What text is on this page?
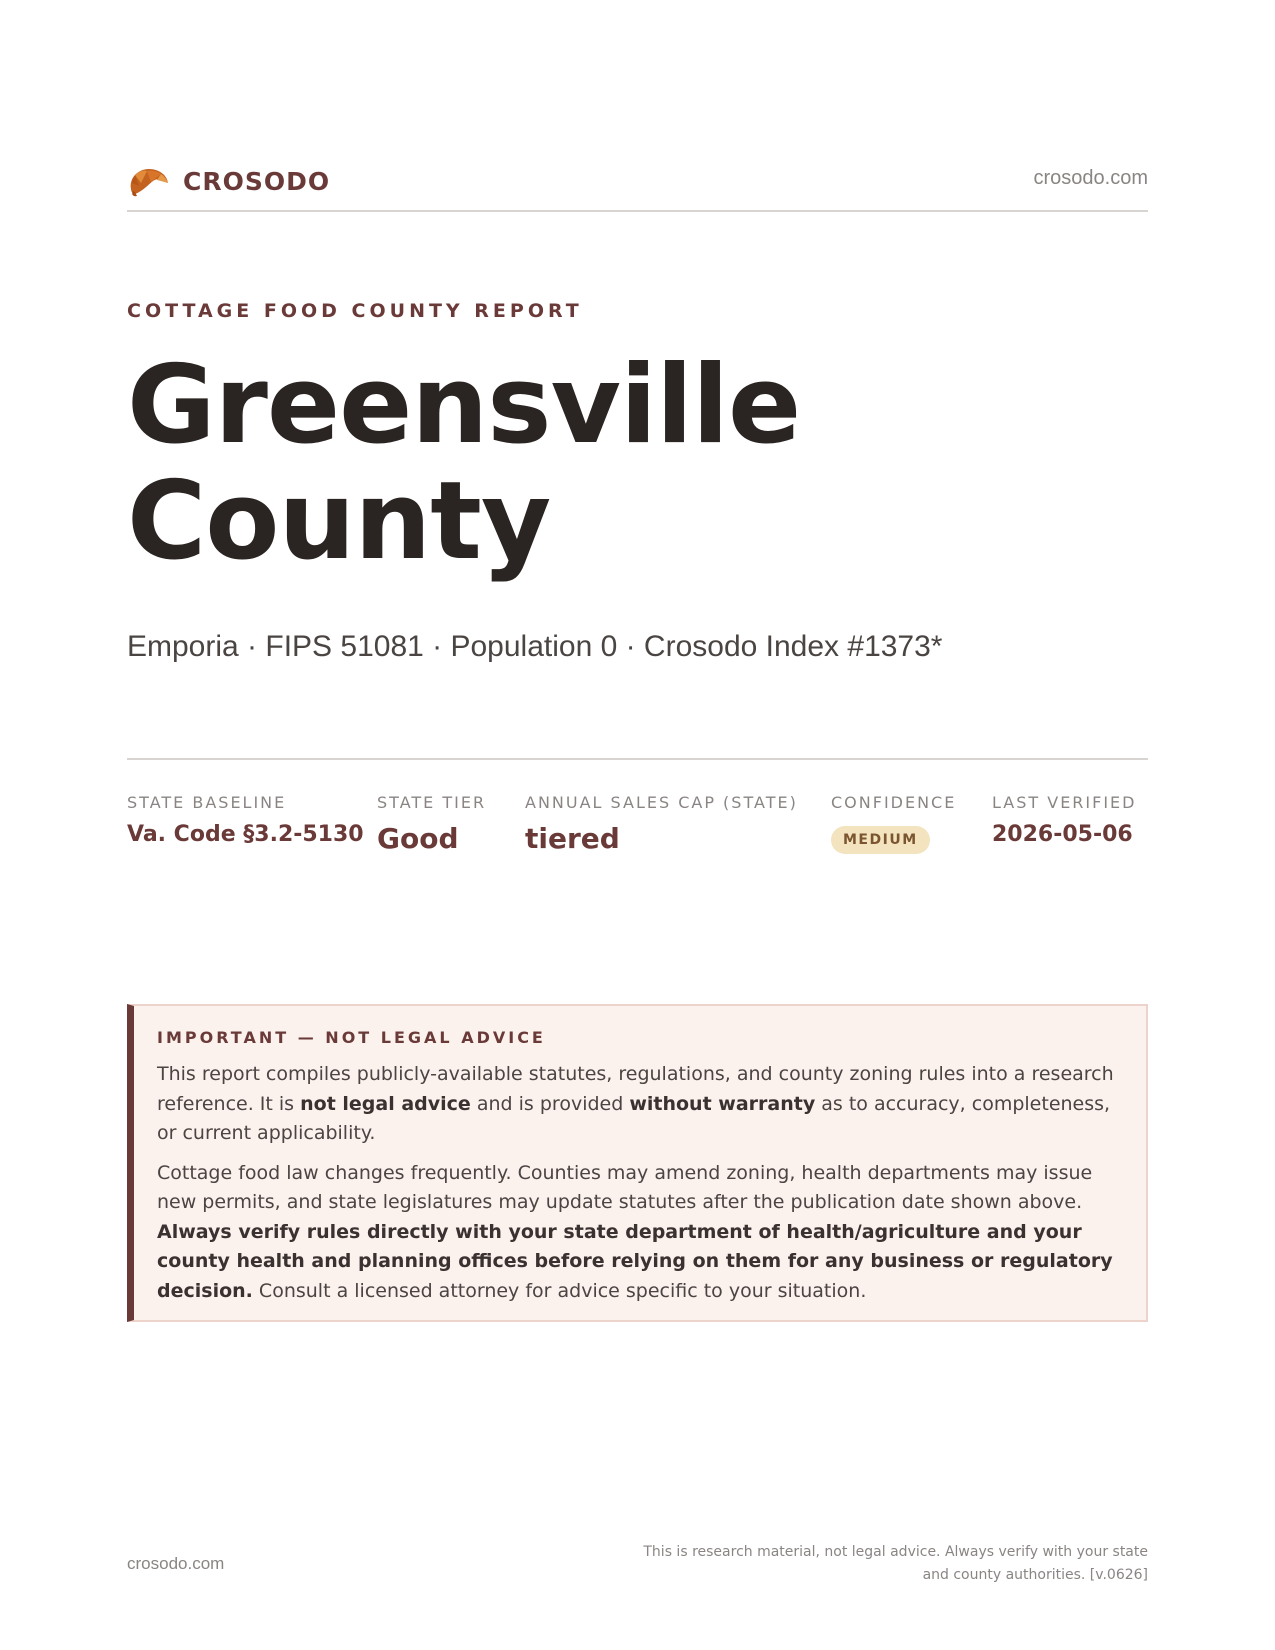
CROSODO	crosodo.com
COTTAGE FOOD COUNTY REPORT
Greensville
County
Emporia · FIPS 51081 · Population 0 · Crosodo Index #1373*
STATE BASELINE
Va. Code §3.2-5130
STATE TIER
Good
ANNUAL SALES CAP (STATE)
tiered
CONFIDENCE
MEDIUM
LAST VERIFIED
2026-05-06
IMPORTANT — NOT LEGAL ADVICE

This report compiles publicly-available statutes, regulations, and county zoning rules into a research reference. It is not legal advice and is provided without warranty as to accuracy, completeness, or current applicability.

Cottage food law changes frequently. Counties may amend zoning, health departments may issue new permits, and state legislatures may update statutes after the publication date shown above. Always verify rules directly with your state department of health/agriculture and your county health and planning offices before relying on them for any business or regulatory decision. Consult a licensed attorney for advice specific to your situation.

crosodo.com
This is research material, not legal advice. Always verify with your state
and county authorities. [v.0626]
